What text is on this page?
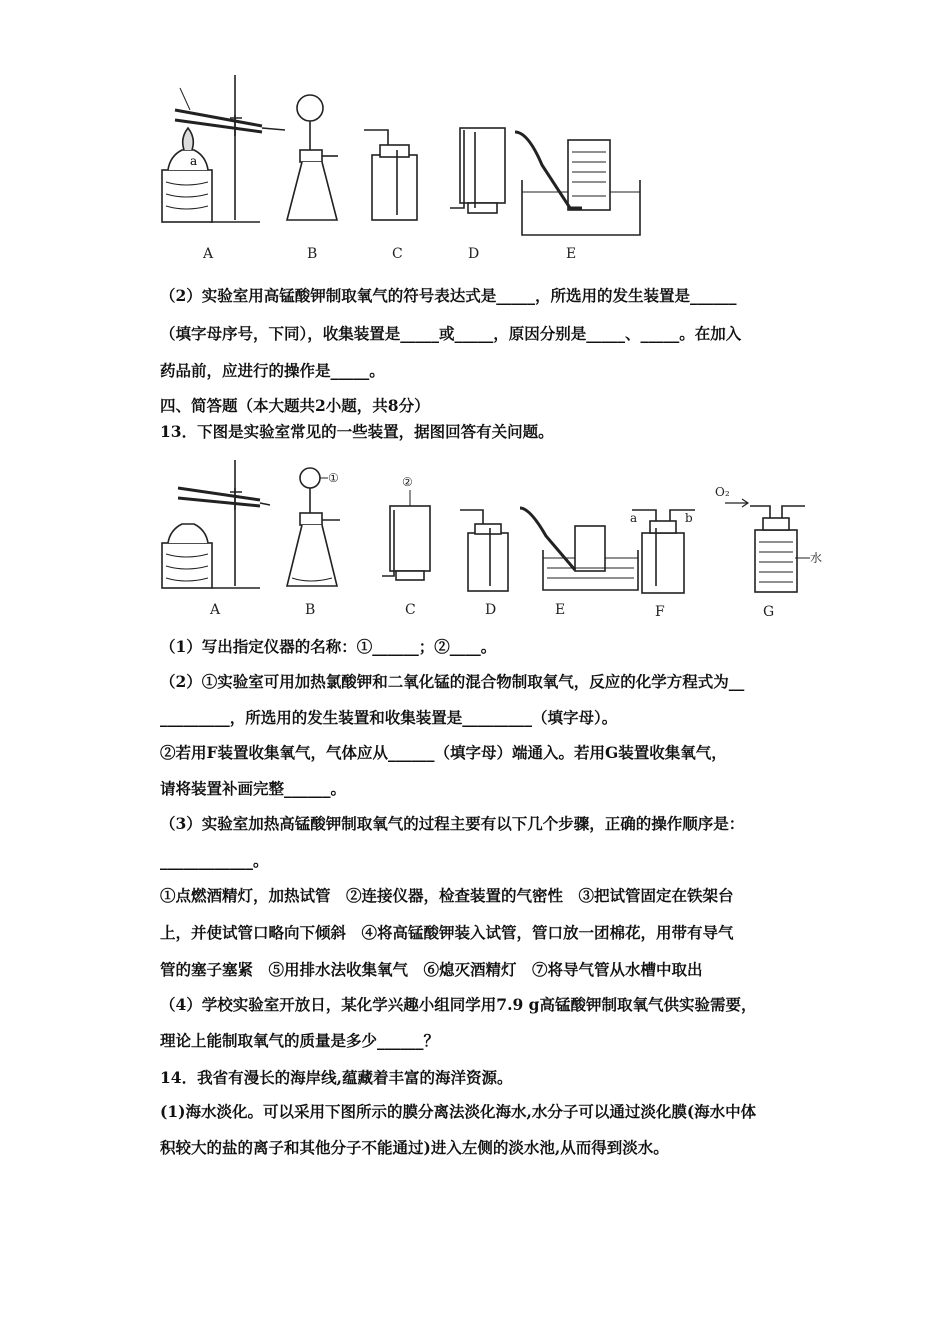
a
A	B	C	D	E
（2）实验室用高锰酸钾制取氧气的符号表达式是_____，所选用的发生装置是______
（填字母序号，下同），收集装置是_____或_____，原因分别是_____、_____。在加入
药品前，应进行的操作是_____。
四、简答题（本大题共2小题，共8分）
13．下图是实验室常见的一些装置，据图回答有关问题。
①	②
a	b
O₂
水
A	B	C	D	E	F	G
（1）写出指定仪器的名称：①______；②____。
（2）①实验室可用加热氯酸钾和二氧化锰的混合物制取氧气，反应的化学方程式为__
_________，所选用的发生装置和收集装置是_________（填字母）。
②若用F装置收集氧气，气体应从______（填字母）端通入。若用G装置收集氧气，
请将装置补画完整______。
（3）实验室加热高锰酸钾制取氧气的过程主要有以下几个步骤，正确的操作顺序是：
____________。
①点燃酒精灯，加热试管　②连接仪器，检查装置的气密性　③把试管固定在铁架台
上，并使试管口略向下倾斜　④将高锰酸钾装入试管，管口放一团棉花，用带有导气
管的塞子塞紧　⑤用排水法收集氧气　⑥熄灭酒精灯　⑦将导气管从水槽中取出
（4）学校实验室开放日，某化学兴趣小组同学用7.9 g高锰酸钾制取氧气供实验需要，
理论上能制取氧气的质量是多少______？
14．我省有漫长的海岸线,蕴藏着丰富的海洋资源。
(1)海水淡化。可以采用下图所示的膜分离法淡化海水,水分子可以通过淡化膜(海水中体
积较大的盐的离子和其他分子不能通过)进入左侧的淡水池,从而得到淡水。
